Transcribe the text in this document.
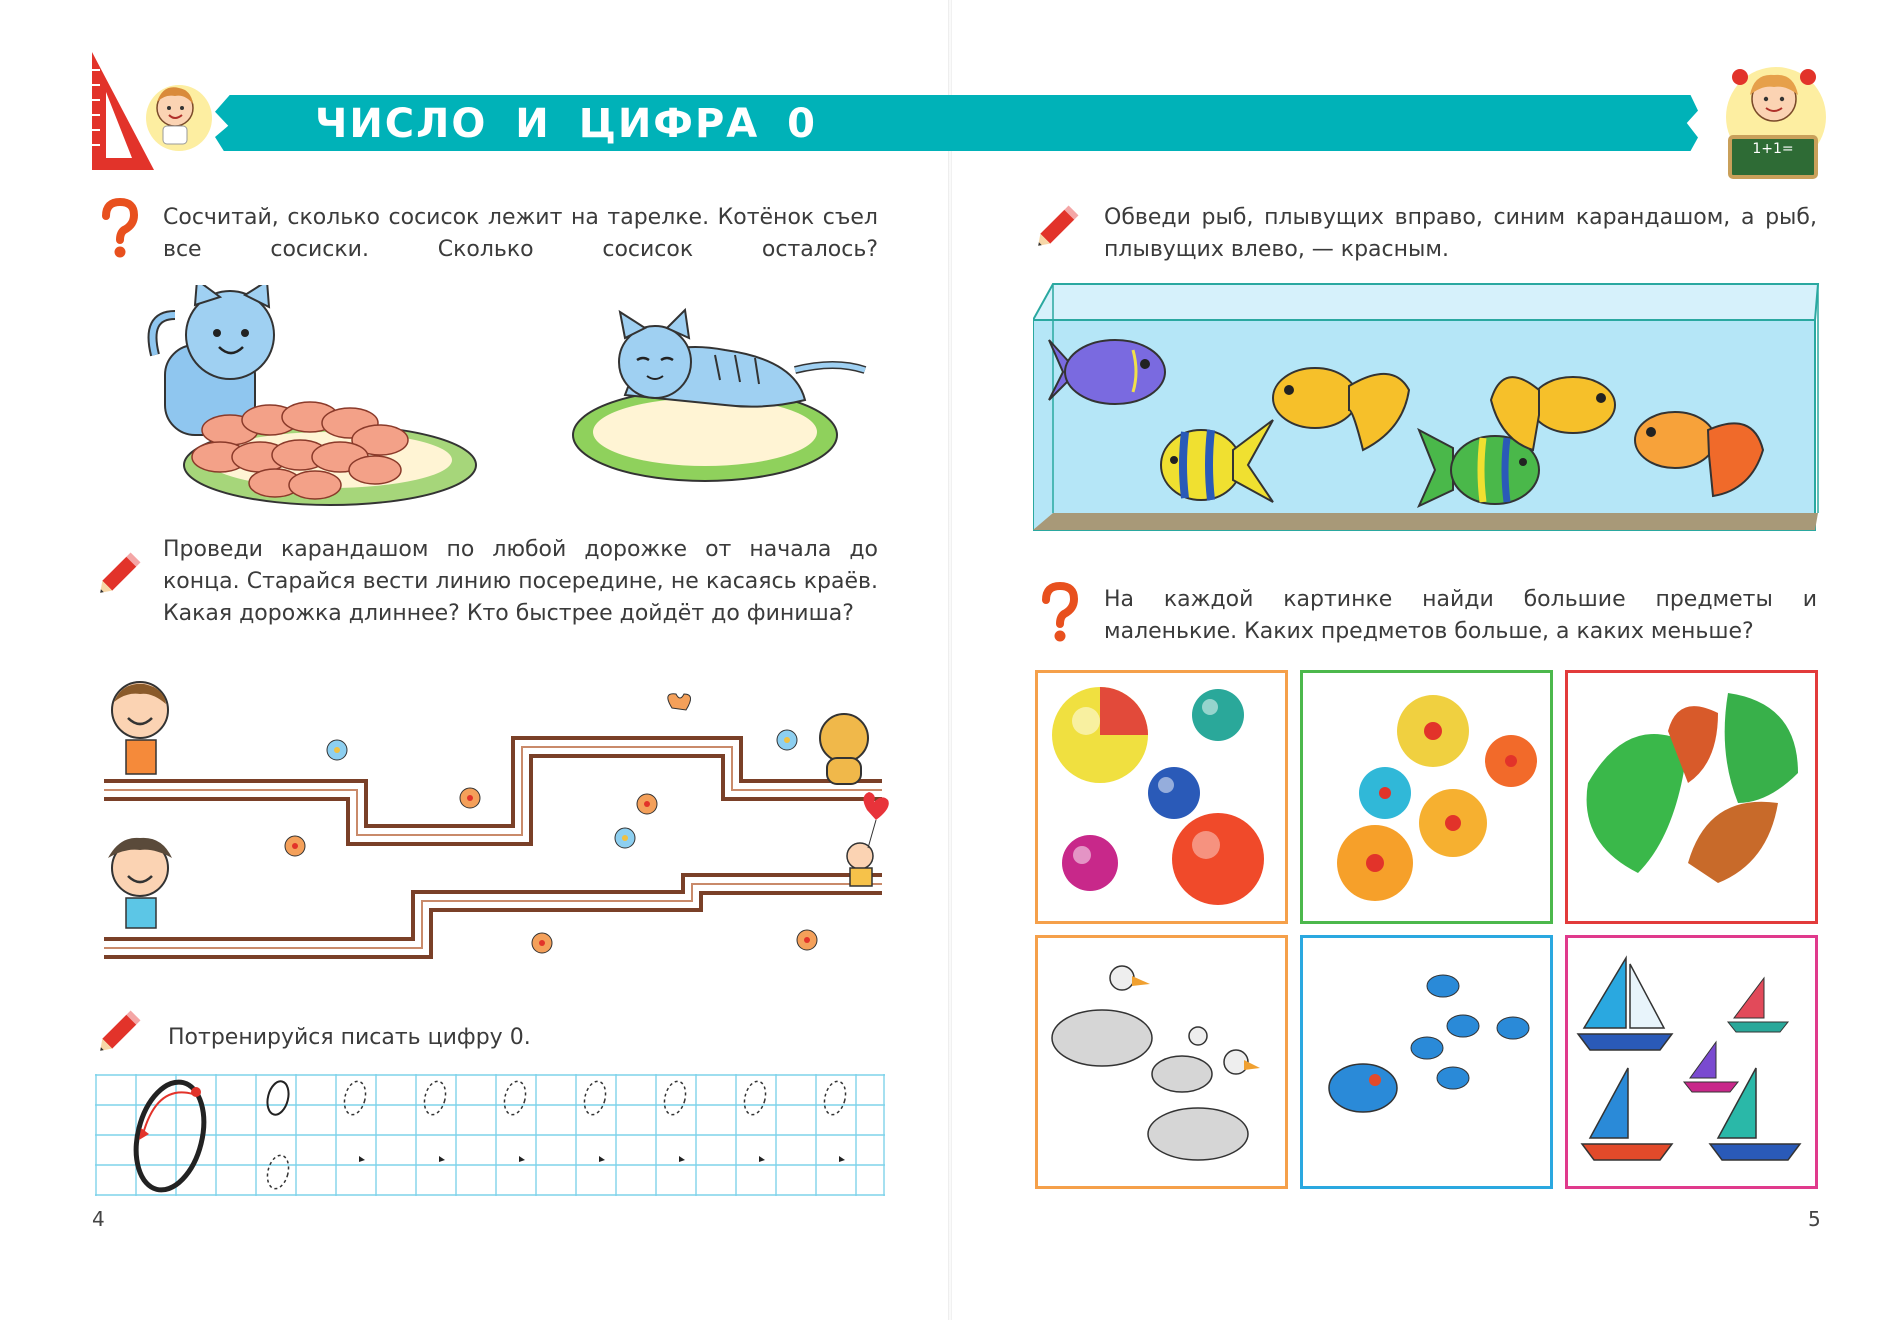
ЧИСЛО И ЦИФРА 0
1+1=
Сосчитай, сколько сосисок лежит на тарелке. Котёнок съел все сосиски. Сколько сосисок осталось?
Проведи карандашом по любой дорожке от начала до конца. Старайся вести линию посередине, не касаясь краёв. Какая дорожка длиннее? Кто быстрее дойдёт до финиша?
Потренируйся писать цифру 0.
4
Обведи рыб, плывущих вправо, синим карандашом, а рыб, плывущих влево, — красным.
На каждой картинке найди большие предметы и маленькие. Каких предметов больше, а каких меньше?
5
